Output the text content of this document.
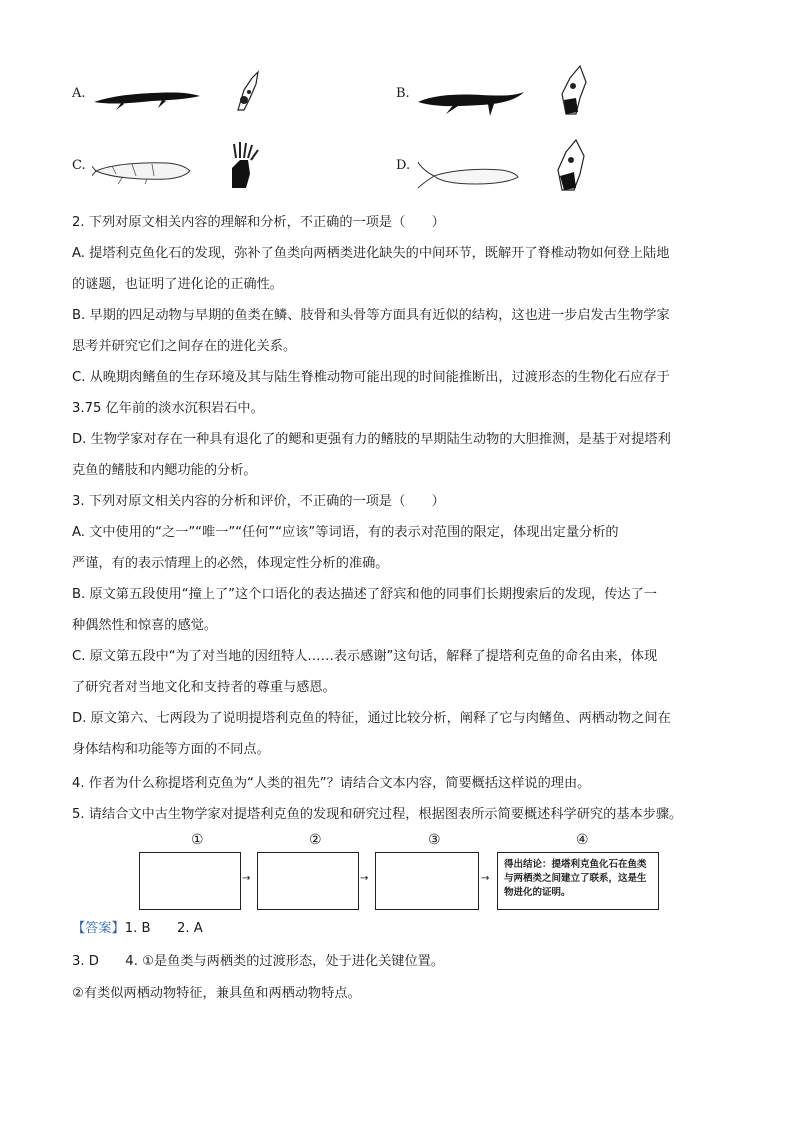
A.	B.
C.	D.
2. 下列对原文相关内容的理解和分析，不正确的一项是（　　）
A. 提塔利克鱼化石的发现，弥补了鱼类向两栖类进化缺失的中间环节，既解开了脊椎动物如何登上陆地
的谜题，也证明了进化论的正确性。
B. 早期的四足动物与早期的鱼类在鳞、肢骨和头骨等方面具有近似的结构，这也进一步启发古生物学家
思考并研究它们之间存在的进化关系。
C. 从晚期肉鳍鱼的生存环境及其与陆生脊椎动物可能出现的时间能推断出，过渡形态的生物化石应存于
3.75 亿年前的淡水沉积岩石中。
D. 生物学家对存在一种具有退化了的鳃和更强有力的鳍肢的早期陆生动物的大胆推测，是基于对提塔利
克鱼的鳍肢和内鳃功能的分析。
3. 下列对原文相关内容的分析和评价，不正确的一项是（　　）
A. 文中使用的“之一”“唯一”“任何”“应该”等词语，有的表示对范围的限定，体现出定量分析的
严谨，有的表示情理上的必然，体现定性分析的准确。
B. 原文第五段使用“撞上了”这个口语化的表达描述了舒宾和他的同事们长期搜索后的发现，传达了一
种偶然性和惊喜的感觉。
C. 原文第五段中“为了对当地的因纽特人……表示感谢”这句话，解释了提塔利克鱼的命名由来，体现
了研究者对当地文化和支持者的尊重与感恩。
D. 原文第六、七两段为了说明提塔利克鱼的特征，通过比较分析，阐释了它与肉鳍鱼、两栖动物之间在
身体结构和功能等方面的不同点。
4. 作者为什么称提塔利克鱼为“人类的祖先”？请结合文本内容，简要概括这样说的理由。
5. 请结合文中古生物学家对提塔利克鱼的发现和研究过程，根据图表所示简要概述科学研究的基本步骤。
①	②	③	④
→	→	→
得出结论：提塔利克鱼化石在鱼类与两栖类之间建立了联系，这是生物进化的证明。
【答案】1. B　　2. A
3. D　　4. ①是鱼类与两栖类的过渡形态，处于进化关键位置。
②有类似两栖动物特征，兼具鱼和两栖动物特点。
